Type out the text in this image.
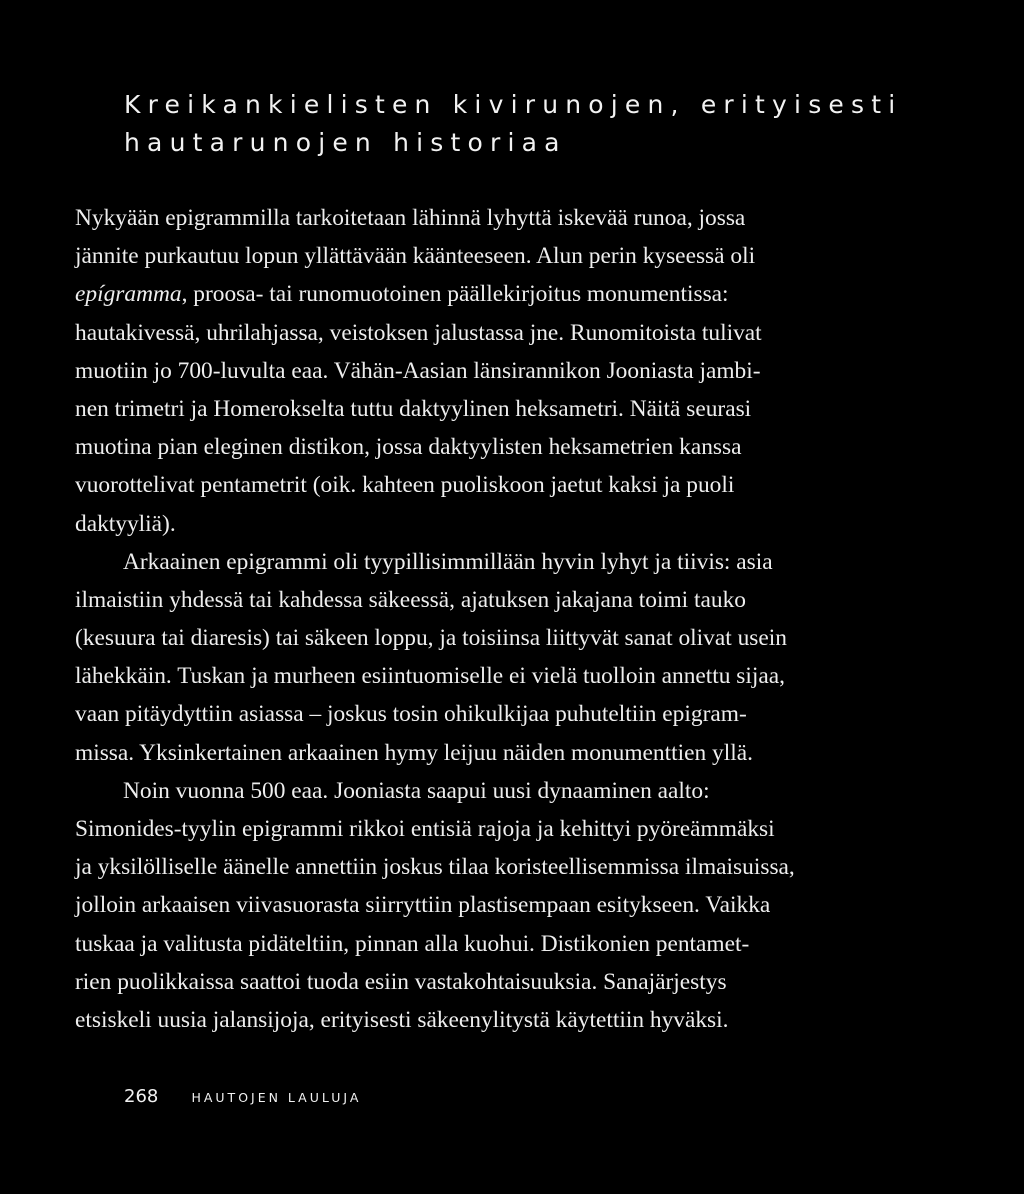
Kreikankielisten kivirunojen, erityisesti
hautarunojen historiaa
Nykyään epigrammilla tarkoitetaan lähinnä lyhyttä iskevää runoa, jossa
jännite purkautuu lopun yllättävään käänteeseen. Alun perin kyseessä oli
epígramma, proosa- tai runomuotoinen päällekirjoitus monumentissa:
hautakivessä, uhrilahjassa, veistoksen jalustassa jne. Runomitoista tulivat
muotiin jo 700-luvulta eaa. Vähän-Aasian länsirannikon Jooniasta jambi-
nen trimetri ja Homerokselta tuttu daktyylinen heksametri. Näitä seurasi
muotina pian eleginen distikon, jossa daktyylisten heksametrien kanssa
vuorottelivat pentametrit (oik. kahteen puoliskoon jaetut kaksi ja puoli
daktyyliä).
Arkaainen epigrammi oli tyypillisimmillään hyvin lyhyt ja tiivis: asia
ilmaistiin yhdessä tai kahdessa säkeessä, ajatuksen jakajana toimi tauko
(kesuura tai diaresis) tai säkeen loppu, ja toisiinsa liittyvät sanat olivat usein
lähekkäin. Tuskan ja murheen esiintuomiselle ei vielä tuolloin annettu sijaa,
vaan pitäydyttiin asiassa – joskus tosin ohikulkijaa puhuteltiin epigram-
missa. Yksinkertainen arkaainen hymy leijuu näiden monumenttien yllä.
Noin vuonna 500 eaa. Jooniasta saapui uusi dynaaminen aalto:
Simonides-tyylin epigrammi rikkoi entisiä rajoja ja kehittyi pyöreämmäksi
ja yksilölliselle äänelle annettiin joskus tilaa koristeellisemmissa ilmaisuissa,
jolloin arkaaisen viivasuorasta siirryttiin plastisempaan esitykseen. Vaikka
tuskaa ja valitusta pidäteltiin, pinnan alla kuohui. Distikonien pentamet-
rien puolikkaissa saattoi tuoda esiin vastakohtaisuuksia. Sanajärjestys
etsiskeli uusia jalansijoja, erityisesti säkeenylitystä käytettiin hyväksi.
268	HAUTOJEN LAULUJA
